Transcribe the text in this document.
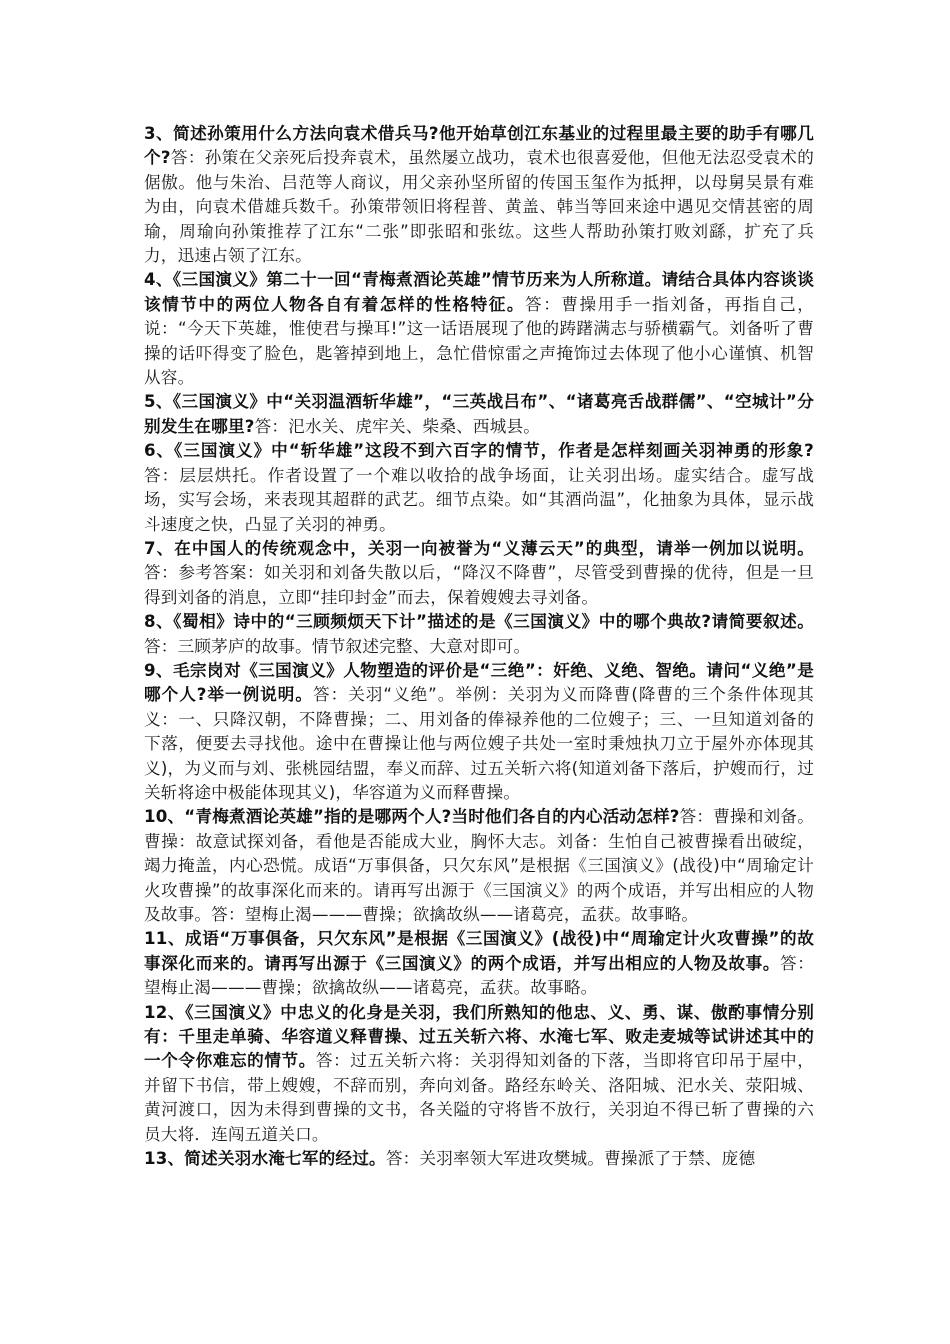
3、简述孙策用什么方法向袁术借兵马?他开始草创江东基业的过程里最主要的助手有哪几个?答：孙策在父亲死后投奔袁术，虽然屡立战功，袁术也很喜爱他，但他无法忍受袁术的倨傲。他与朱治、吕范等人商议，用父亲孙坚所留的传国玉玺作为抵押，以母舅吴景有难为由，向袁术借雄兵数千。孙策带领旧将程普、黄盖、韩当等回来途中遇见交情甚密的周瑜，周瑜向孙策推荐了江东“二张”即张昭和张纮。这些人帮助孙策打败刘繇，扩充了兵力，迅速占领了江东。

4、《三国演义》第二十一回“青梅煮酒论英雄”情节历来为人所称道。请结合具体内容谈谈该情节中的两位人物各自有着怎样的性格特征。答：曹操用手一指刘备，再指自己，说：“今天下英雄，惟使君与操耳!”这一话语展现了他的踌躇满志与骄横霸气。刘备听了曹操的话吓得变了脸色，匙箸掉到地上，急忙借惊雷之声掩饰过去体现了他小心谨慎、机智从容。

5、《三国演义》中“关羽温酒斩华雄”，“三英战吕布”、“诸葛亮舌战群儒”、“空城计”分别发生在哪里?答：汜水关、虎牢关、柴桑、西城县。

6、《三国演义》中“斩华雄”这段不到六百字的情节，作者是怎样刻画关羽神勇的形象?答：层层烘托。作者设置了一个难以收拾的战争场面，让关羽出场。虚实结合。虚写战场，实写会场，来表现其超群的武艺。细节点染。如“其酒尚温”，化抽象为具体，显示战斗速度之快，凸显了关羽的神勇。

7、在中国人的传统观念中，关羽一向被誉为“义薄云天”的典型，请举一例加以说明。答：参考答案：如关羽和刘备失散以后，“降汉不降曹”，尽管受到曹操的优待，但是一旦得到刘备的消息，立即“挂印封金”而去，保着嫂嫂去寻刘备。

8、《蜀相》诗中的“三顾频烦天下计”描述的是《三国演义》中的哪个典故?请简要叙述。答：三顾茅庐的故事。情节叙述完整、大意对即可。

9、毛宗岗对《三国演义》人物塑造的评价是“三绝”：奸绝、义绝、智绝。请问“义绝”是哪个人?举一例说明。答：关羽“义绝”。举例：关羽为义而降曹(降曹的三个条件体现其义：一、只降汉朝，不降曹操；二、用刘备的俸禄养他的二位嫂子；三、一旦知道刘备的下落，便要去寻找他。途中在曹操让他与两位嫂子共处一室时秉烛执刀立于屋外亦体现其义)，为义而与刘、张桃园结盟，奉义而辞、过五关斩六将(知道刘备下落后，护嫂而行，过关斩将途中极能体现其义)，华容道为义而释曹操。

10、“青梅煮酒论英雄”指的是哪两个人?当时他们各自的内心活动怎样?答：曹操和刘备。曹操：故意试探刘备，看他是否能成大业，胸怀大志。刘备：生怕自己被曹操看出破绽，竭力掩盖，内心恐慌。成语“万事俱备，只欠东风”是根据《三国演义》(战役)中“周瑜定计火攻曹操”的故事深化而来的。请再写出源于《三国演义》的两个成语，并写出相应的人物及故事。答：望梅止渴———曹操；欲擒故纵——诸葛亮，孟获。故事略。

11、成语“万事俱备，只欠东风”是根据《三国演义》(战役)中“周瑜定计火攻曹操”的故事深化而来的。请再写出源于《三国演义》的两个成语，并写出相应的人物及故事。答：望梅止渴———曹操；欲擒故纵——诸葛亮，孟获。故事略。

12、《三国演义》中忠义的化身是关羽，我们所熟知的他忠、义、勇、谋、傲酌事情分别有：千里走单骑、华容道义释曹操、过五关斩六将、水淹七军、败走麦城等试讲述其中的一个令你难忘的情节。答：过五关斩六将：关羽得知刘备的下落，当即将官印吊于屋中，并留下书信，带上嫂嫂，不辞而别，奔向刘备。路经东岭关、洛阳城、汜水关、荥阳城、黄河渡口，因为未得到曹操的文书，各关隘的守将皆不放行，关羽迫不得已斩了曹操的六员大将．连闯五道关口。

13、简述关羽水淹七军的经过。答：关羽率领大军进攻樊城。曹操派了于禁、庞德
